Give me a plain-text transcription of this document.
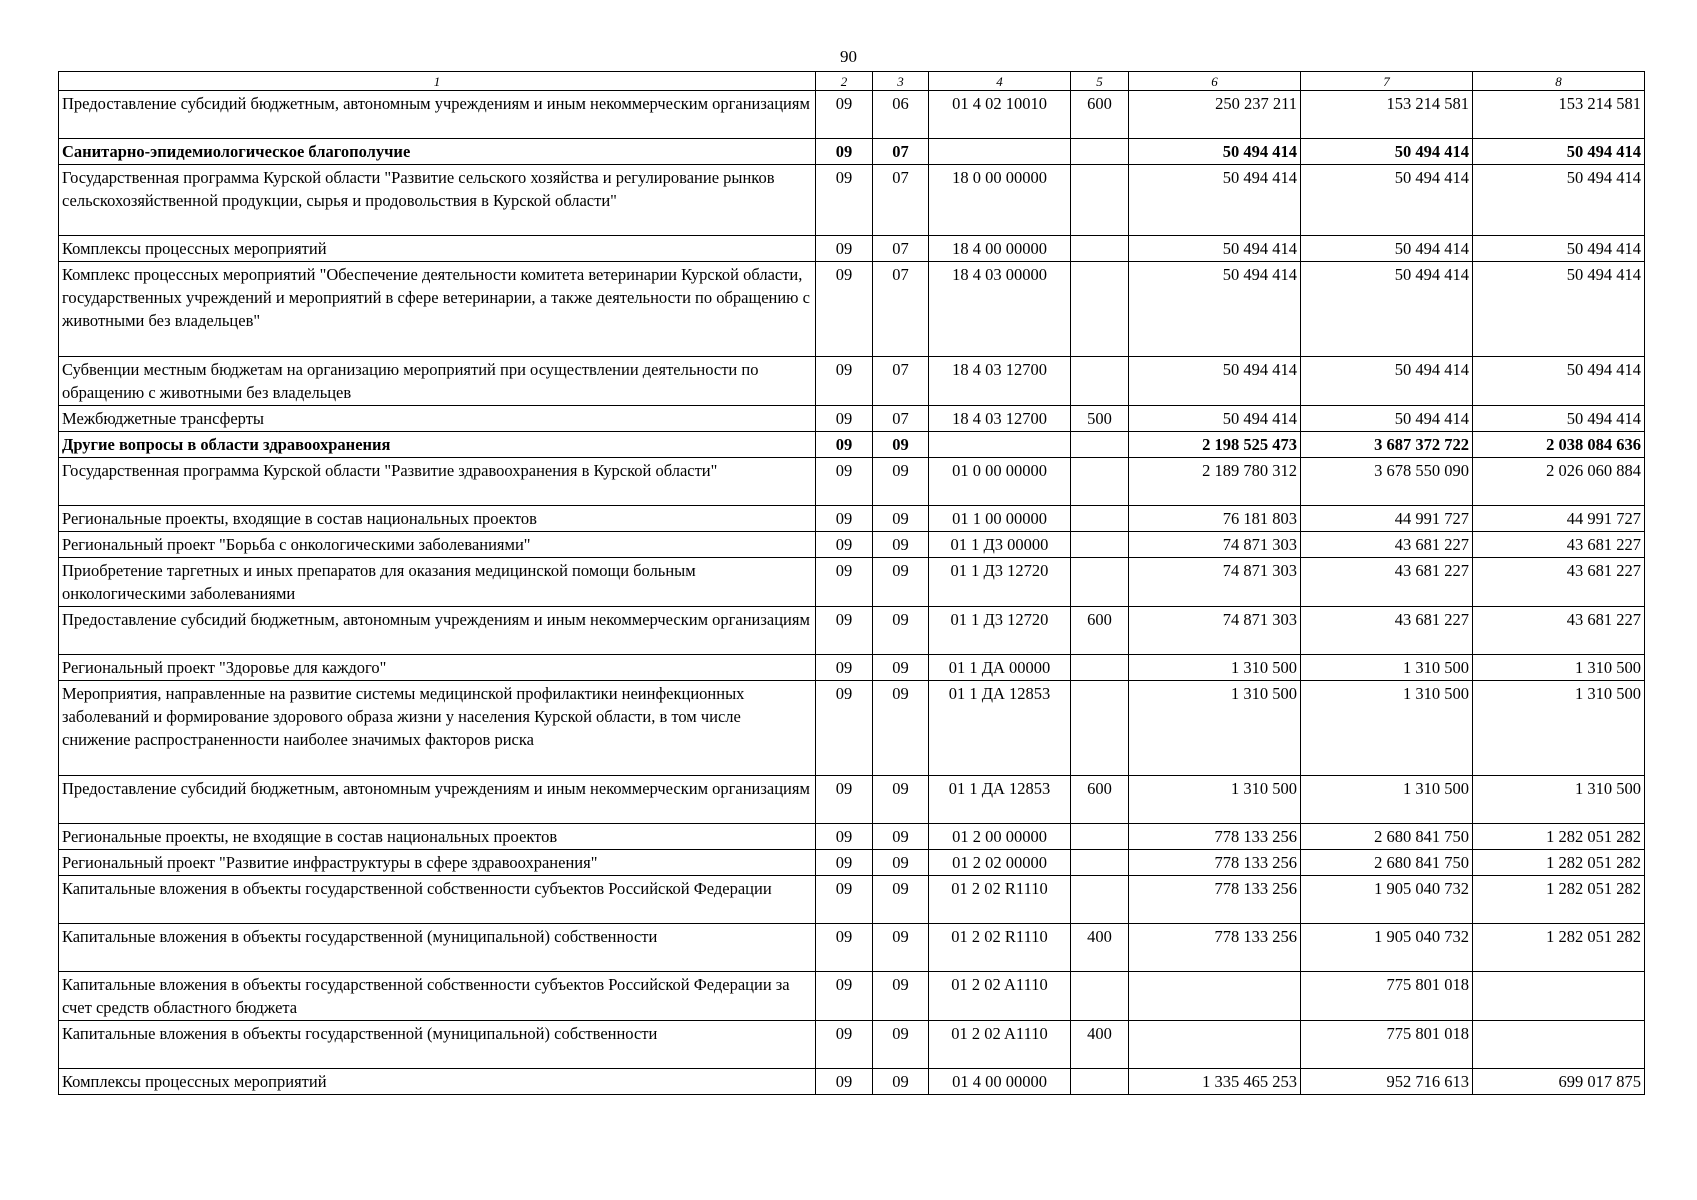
90
1	2	3	4	5	6	7	8
Предоставление субсидий бюджетным, автономным учреждениям и иным некоммерческим организациям	09	06	01 4 02 10010	600	250 237 211	153 214 581	153 214 581
Санитарно-эпидемиологическое благополучие	09	07			50 494 414	50 494 414	50 494 414
Государственная программа Курской области "Развитие сельского хозяйства и регулирование рынков сельскохозяйственной продукции, сырья и продовольствия в Курской области"	09	07	18 0 00 00000		50 494 414	50 494 414	50 494 414
Комплексы процессных мероприятий	09	07	18 4 00 00000		50 494 414	50 494 414	50 494 414
Комплекс процессных мероприятий "Обеспечение деятельности комитета ветеринарии Курской области, государственных учреждений и мероприятий в сфере ветеринарии, а также деятельности по обращению с животными без владельцев"	09	07	18 4 03 00000		50 494 414	50 494 414	50 494 414
Субвенции местным бюджетам на организацию мероприятий при осуществлении деятельности по обращению с животными без владельцев	09	07	18 4 03 12700		50 494 414	50 494 414	50 494 414
Межбюджетные трансферты	09	07	18 4 03 12700	500	50 494 414	50 494 414	50 494 414
Другие вопросы в области здравоохранения	09	09			2 198 525 473	3 687 372 722	2 038 084 636
Государственная программа Курской области "Развитие здравоохранения в Курской области"	09	09	01 0 00 00000		2 189 780 312	3 678 550 090	2 026 060 884
Региональные проекты, входящие в состав национальных проектов	09	09	01 1 00 00000		76 181 803	44 991 727	44 991 727
Региональный проект "Борьба с онкологическими заболеваниями"	09	09	01 1 Д3 00000		74 871 303	43 681 227	43 681 227
Приобретение таргетных и иных препаратов для оказания медицинской помощи больным онкологическими заболеваниями	09	09	01 1 Д3 12720		74 871 303	43 681 227	43 681 227
Предоставление субсидий бюджетным, автономным учреждениям и иным некоммерческим организациям	09	09	01 1 Д3 12720	600	74 871 303	43 681 227	43 681 227
Региональный проект "Здоровье для каждого"	09	09	01 1 ДА 00000		1 310 500	1 310 500	1 310 500
Мероприятия, направленные на развитие системы медицинской профилактики неинфекционных заболеваний и формирование здорового образа жизни у населения Курской области, в том числе снижение распространенности наиболее значимых факторов риска	09	09	01 1 ДА 12853		1 310 500	1 310 500	1 310 500
Предоставление субсидий бюджетным, автономным учреждениям и иным некоммерческим организациям	09	09	01 1 ДА 12853	600	1 310 500	1 310 500	1 310 500
Региональные проекты, не входящие в состав национальных проектов	09	09	01 2 00 00000		778 133 256	2 680 841 750	1 282 051 282
Региональный проект "Развитие инфраструктуры в сфере здравоохранения"	09	09	01 2 02 00000		778 133 256	2 680 841 750	1 282 051 282
Капитальные вложения в объекты государственной собственности субъектов Российской Федерации	09	09	01 2 02 R1110		778 133 256	1 905 040 732	1 282 051 282
Капитальные вложения в объекты государственной (муниципальной) собственности	09	09	01 2 02 R1110	400	778 133 256	1 905 040 732	1 282 051 282
Капитальные вложения в объекты государственной собственности субъектов Российской Федерации за счет средств областного бюджета	09	09	01 2 02 A1110			775 801 018	
Капитальные вложения в объекты государственной (муниципальной) собственности	09	09	01 2 02 A1110	400		775 801 018	
Комплексы процессных мероприятий	09	09	01 4 00 00000		1 335 465 253	952 716 613	699 017 875
